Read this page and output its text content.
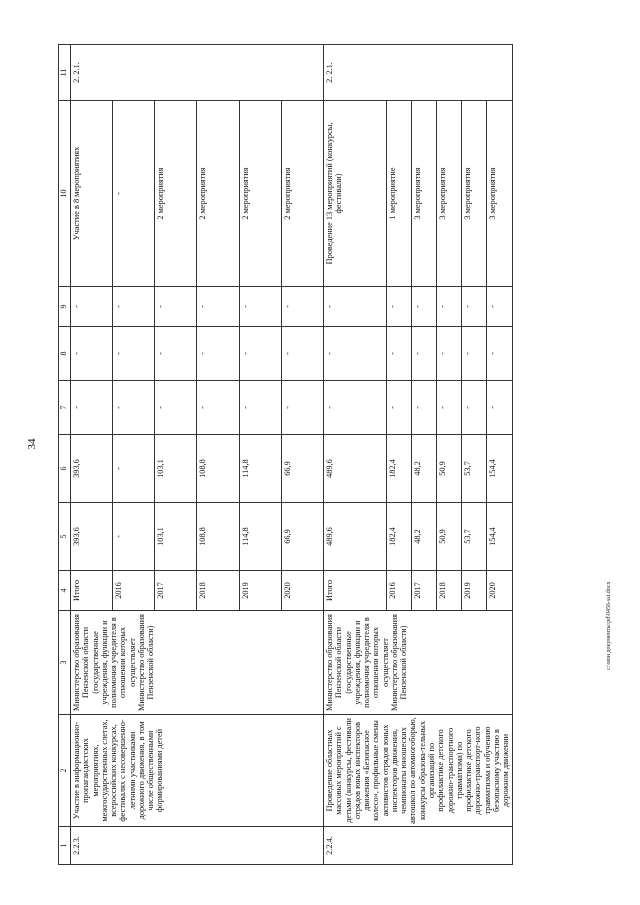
34
c:\мои документы\pd\0456-ssi.docx
1	2	3	4	5	6	7	8	9	10	11
2.2.3.	Участие в информационно-пропагандистских мероприятиях, межгосударственных слетах, всероссийских конкурсах, фестивалях с несовершенно-летними участниками дорожного движения, в том числе общественными формированиями детей	Министерство образования Пензенской области (государственные учреждения, функции и полномочия учредителя в отношении которых осуществляет Министерство образования Пензенской области)	Итого	393,6	393,6	-	-	-	Участие в 8 мероприятиях	2. 2.1.
			2016	-	-	-	-	-	-	
			2017	103,1	103,1	-	-	-	2 мероприятия	
			2018	108,8	108,8	-	-	-	2 мероприятия	
			2019	114,8	114,8	-	-	-	2 мероприятия	
			2020	66,9	66,9	-	-	-	2 мероприятия	
2.2.4.	Проведение областных массовых мероприятий с детьми (конкурсы, фестивали отрядов юных инспекторов движения «Безопасное колесо», профильные смены активистов отрядов юных инспекторов движения, чемпионаты юношеских автошкол по автомногоборью, конкурсы образова-тельных организаций по профилактике детского дорожно-транспортного травматизма) по профилактике детского дорожно-транспорт-ного травматизма и обучению безопасному участию в дорожном движении	Министерство образования Пензенской области (государственные учреждения, функции и полномочия учредителя в отношении которых осуществляет Министерство образования Пензенской области)	Итого	489,6	489,6	-	-	-	Проведение 13 мероприятий (конкурсы, фестивали)	2. 2.1.
			2016	182,4	182,4	-	-	-	1 мероприятие	
			2017	48,2	48,2	-	-	-	3 мероприятия	
			2018	50,9	50,9	-	-	-	3 мероприятия	
			2019	53,7	53,7	-	-	-	3 мероприятия	
			2020	154,4	154,4	-	-	-	3 мероприятия	
